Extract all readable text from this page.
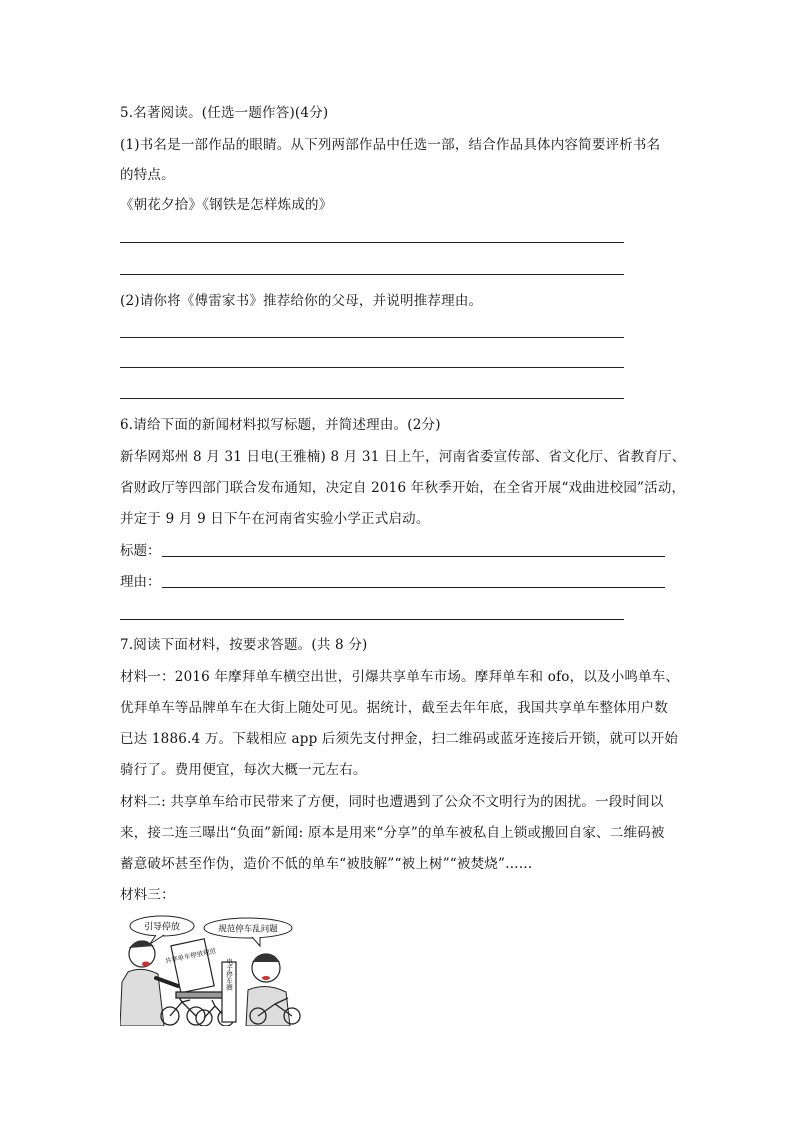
5.名著阅读。(任选一题作答)(4分)
(1)书名是一部作品的眼睛。从下列两部作品中任选一部，结合作品具体内容简要评析书名
的特点。
《朝花夕拾》《钢铁是怎样炼成的》
(2)请你将《傅雷家书》推荐给你的父母，并说明推荐理由。
6.请给下面的新闻材料拟写标题，并简述理由。(2分)
新华网郑州 8 月 31 日电(王雅楠) 8 月 31 日上午，河南省委宣传部、省文化厅、省教育厅、
省财政厅等四部门联合发布通知，决定自 2016 年秋季开始，在全省开展“戏曲进校园”活动，
并定于 9 月 9 日下午在河南省实验小学正式启动。
标题：
理由：
7.阅读下面材料，按要求答题。(共 8 分)
材料一：2016 年摩拜单车横空出世，引爆共享单车市场。摩拜单车和 ofo，以及小鸣单车、
优拜单车等品牌单车在大街上随处可见。据统计，截至去年年底，我国共享单车整体用户数
已达 1886.4 万。下载相应 app 后须先支付押金，扫二维码或蓝牙连接后开锁，就可以开始
骑行了。费用便宜，每次大概一元左右。
材料二: 共享单车给市民带来了方便，同时也遭遇到了公众不文明行为的困扰。一段时间以
来，接二连三曝出“负面”新闻: 原本是用来“分享”的单车被私自上锁或搬回自家、二维码被
蓄意破坏甚至作伪，造价不低的单车“被肢解”“被上树”“被焚烧”……
材料三：
引导停放	规范停车乱问题
共享单车停放规范
电子停车圈
